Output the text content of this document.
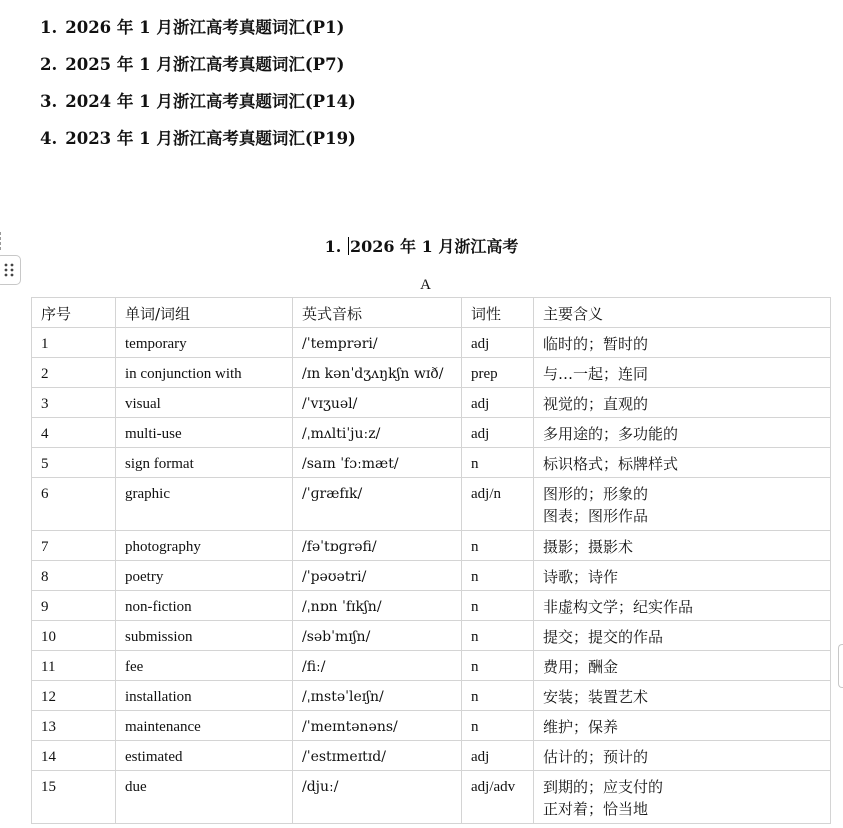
1. 2026 年 1 月浙江高考真题词汇(P1)
2. 2025 年 1 月浙江高考真题词汇(P7)
3. 2024 年 1 月浙江高考真题词汇(P14)
4. 2023 年 1 月浙江高考真题词汇(P19)
1. 2026 年 1 月浙江高考
A
序号	单词/词组	英式音标	词性	主要含义
1	temporary	/ˈtemprəri/	adj	临时的；暂时的
2	in conjunction with	/ɪn kənˈdʒʌŋkʃn wɪð/	prep	与…一起；连同
3	visual	/ˈvɪʒuəl/	adj	视觉的；直观的
4	multi-use	/ˌmʌltiˈjuːz/	adj	多用途的；多功能的
5	sign format	/saɪn ˈfɔːmæt/	n	标识格式；标牌样式
6	graphic	/ˈɡræfɪk/	adj/n	图形的；形象的
图表；图形作品

7	photography	/fəˈtɒɡrəfi/	n	摄影；摄影术
8	poetry	/ˈpəʊətri/	n	诗歌；诗作
9	non-fiction	/ˌnɒn ˈfɪkʃn/	n	非虚构文学；纪实作品
10	submission	/səbˈmɪʃn/	n	提交；提交的作品
11	fee	/fiː/	n	费用；酬金
12	installation	/ˌɪnstəˈleɪʃn/	n	安装；装置艺术
13	maintenance	/ˈmeɪntənəns/	n	维护；保养
14	estimated	/ˈestɪmeɪtɪd/	adj	估计的；预计的
15	due	/djuː/	adj/adv	到期的；应支付的
正对着；恰当地
